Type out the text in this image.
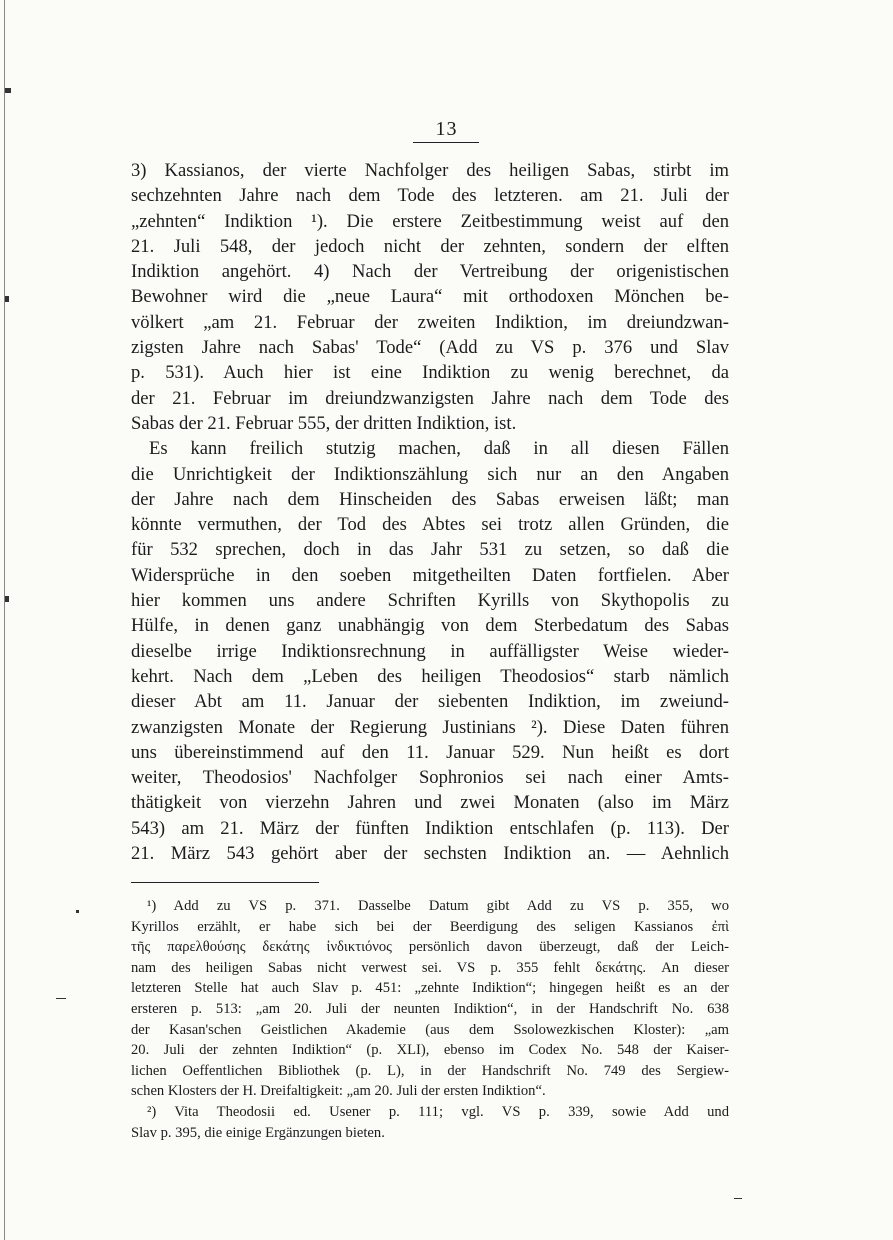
13
3) Kassianos, der vierte Nachfolger des heiligen Sabas, stirbt im
sechzehnten Jahre nach dem Tode des letzteren. am 21. Juli der
„zehnten“ Indiktion ¹). Die erstere Zeitbestimmung weist auf den
21. Juli 548, der jedoch nicht der zehnten, sondern der elften
Indiktion angehört. 4) Nach der Vertreibung der origenistischen
Bewohner wird die „neue Laura“ mit orthodoxen Mönchen be-
völkert „am 21. Februar der zweiten Indiktion, im dreiundzwan-
zigsten Jahre nach Sabas' Tode“ (Add zu VS p. 376 und Slav
p. 531). Auch hier ist eine Indiktion zu wenig berechnet, da
der 21. Februar im dreiundzwanzigsten Jahre nach dem Tode des
Sabas der 21. Februar 555, der dritten Indiktion, ist.
Es kann freilich stutzig machen, daß in all diesen Fällen
die Unrichtigkeit der Indiktionszählung sich nur an den Angaben
der Jahre nach dem Hinscheiden des Sabas erweisen läßt; man
könnte vermuthen, der Tod des Abtes sei trotz allen Gründen, die
für 532 sprechen, doch in das Jahr 531 zu setzen, so daß die
Widersprüche in den soeben mitgetheilten Daten fortfielen. Aber
hier kommen uns andere Schriften Kyrills von Skythopolis zu
Hülfe, in denen ganz unabhängig von dem Sterbedatum des Sabas
dieselbe irrige Indiktionsrechnung in auffälligster Weise wieder-
kehrt. Nach dem „Leben des heiligen Theodosios“ starb nämlich
dieser Abt am 11. Januar der siebenten Indiktion, im zweiund-
zwanzigsten Monate der Regierung Justinians ²). Diese Daten führen
uns übereinstimmend auf den 11. Januar 529. Nun heißt es dort
weiter, Theodosios' Nachfolger Sophronios sei nach einer Amts-
thätigkeit von vierzehn Jahren und zwei Monaten (also im März
543) am 21. März der fünften Indiktion entschlafen (p. 113). Der
21. März 543 gehört aber der sechsten Indiktion an. — Aehnlich
¹) Add zu VS p. 371. Dasselbe Datum gibt Add zu VS p. 355, wo
Kyrillos erzählt, er habe sich bei der Beerdigung des seligen Kassianos ἐπὶ
τῆς παρελθούσης δεκάτης ἰνδικτιόνος persönlich davon überzeugt, daß der Leich-
nam des heiligen Sabas nicht verwest sei. VS p. 355 fehlt δεκάτης. An dieser
letzteren Stelle hat auch Slav p. 451: „zehnte Indiktion“; hingegen heißt es an der
ersteren p. 513: „am 20. Juli der neunten Indiktion“, in der Handschrift No. 638
der Kasan'schen Geistlichen Akademie (aus dem Ssolowezkischen Kloster): „am
20. Juli der zehnten Indiktion“ (p. XLI), ebenso im Codex No. 548 der Kaiser-
lichen Oeffentlichen Bibliothek (p. L), in der Handschrift No. 749 des Sergiew-
schen Klosters der H. Dreifaltigkeit: „am 20. Juli der ersten Indiktion“.
²) Vita Theodosii ed. Usener p. 111; vgl. VS p. 339, sowie Add und
Slav p. 395, die einige Ergänzungen bieten.
